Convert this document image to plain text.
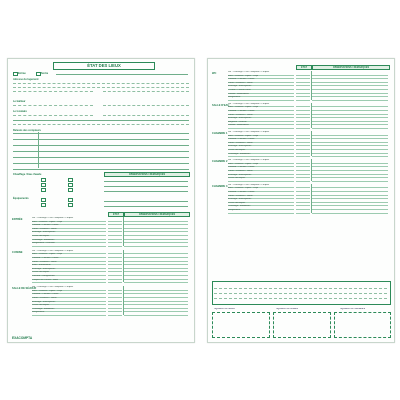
ÉTAT DES LIEUX
Entrée	Sortie
Adresse du logement
Le bailleur
Le locataire
Relevés des compteurs
Chauffage / Eau chaude	OBSERVATIONS / REMARQUES
Équipements
ÉTAT	OBSERVATIONS / REMARQUES
ENTRÉE	Sol - Carrelage / Lino / Moquette / Parquet
Murs - Peinture / Papier / Crépi
Plafonds - Peinture / Dalles
Portes / Fenêtres / Volets
Éclairage / Interrupteurs
Prises électriques
Chauffage / Radiateurs
Rangements / Placards
CUISINE	Sol - Carrelage / Lino / Moquette / Parquet
Murs - Peinture / Papier / Crépi
Plafonds - Peinture / Dalles
Portes / Fenêtres / Volets
Évier / Robinetterie
Éclairage / Interrupteurs
Prises électriques
Placards / Rangements
Plaques de cuisson / Hotte
SALLE DE SÉJOUR
Sol - Carrelage / Lino / Moquette / Parquet
Murs - Peinture / Papier / Crépi
Plafonds - Peinture / Dalles
Portes / Fenêtres / Volets
Éclairage / Interrupteurs
Prises électriques
Chauffage / Radiateurs
Rangements
EXACOMPTA
ÉTAT	OBSERVATIONS / REMARQUES
WC	Sol - Carrelage / Lino / Moquette / Parquet
Murs - Peinture / Papier / Crépi
Plafonds - Peinture / Dalles
Portes / Fenêtres / Volets
Éclairage / Interrupteurs
Cuvette / Chasse d'eau
Lavabo / Robinetterie
Rangements
SALLE D'EAU
Sol - Carrelage / Lino / Moquette / Parquet
Murs - Peinture / Papier / Crépi
Plafonds - Peinture / Dalles
Portes / Fenêtres / Volets
Éclairage / Interrupteurs
Baignoire / Douche
Lavabo / Robinetterie
CHAMBRE 1 Sol - Carrelage / Lino / Moquette / Parquet
Murs - Peinture / Papier / Crépi
Plafonds - Peinture / Dalles
Portes / Fenêtres / Volets
Éclairage / Interrupteurs
Prises électriques
Chauffage / Radiateurs
CHAMBRE 2 Sol - Carrelage / Lino / Moquette / Parquet
Murs - Peinture / Papier / Crépi
Plafonds - Peinture / Dalles
Portes / Fenêtres / Volets
Éclairage / Interrupteurs
Prises électriques
CHAMBRE 3 Sol - Carrelage / Lino / Moquette / Parquet
Murs - Peinture / Papier / Crépi
Plafonds - Peinture / Dalles
Portes / Fenêtres / Volets
Éclairage / Interrupteurs
Prises électriques
Chauffage / Radiateurs
Rangements
Signature du bailleur	Signature du locataire	Signature du mandataire
